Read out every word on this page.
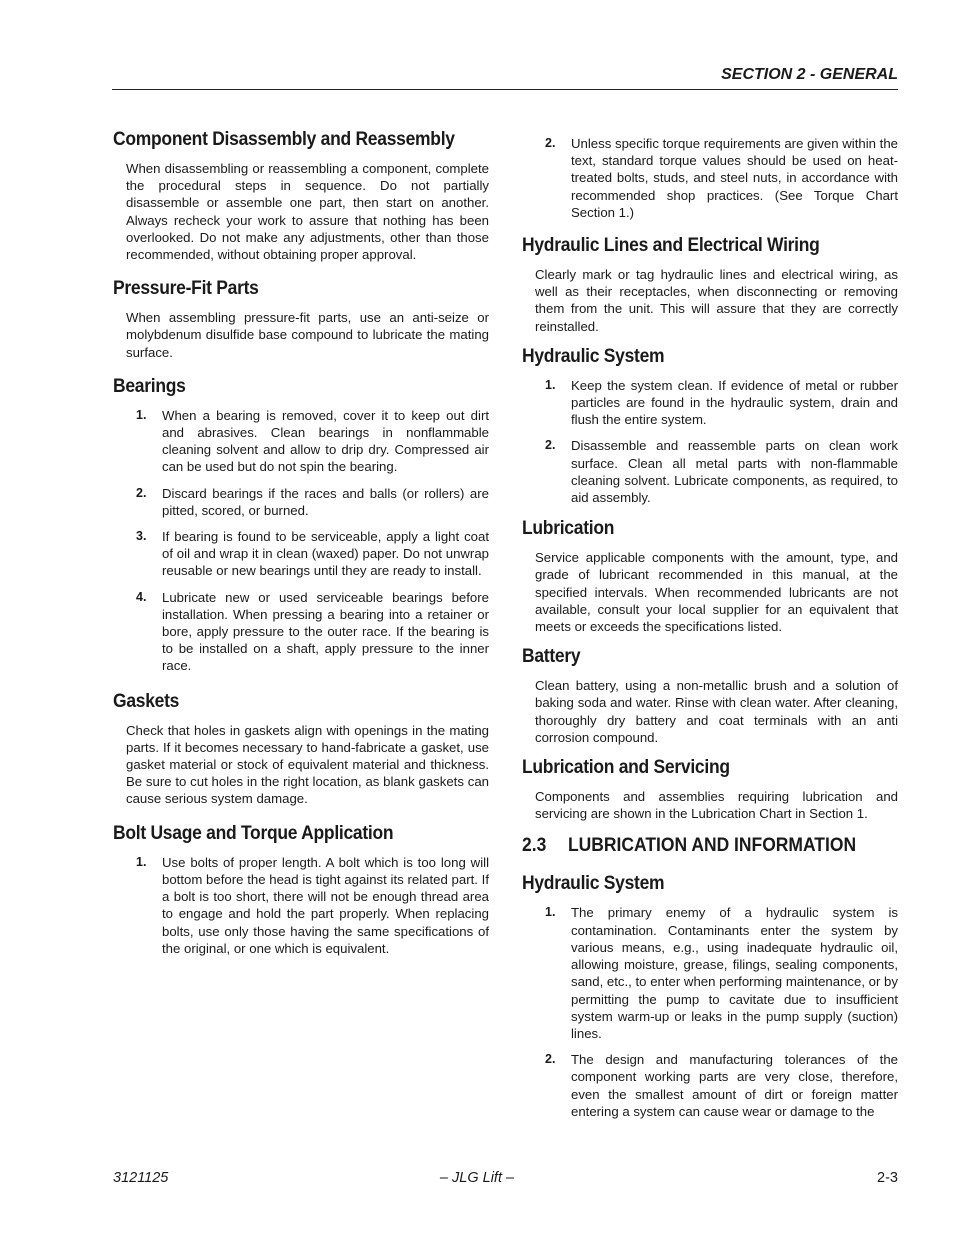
SECTION 2 - GENERAL
Component Disassembly and Reassembly

When disassembling or reassembling a component, complete the procedural steps in sequence. Do not partially disassemble or assemble one part, then start on another. Always recheck your work to assure that nothing has been overlooked. Do not make any adjustments, other than those recommended, without obtaining proper approval.

Pressure-Fit Parts

When assembling pressure-fit parts, use an anti-seize or molybdenum disulfide base compound to lubricate the mating surface.

Bearings
1. When a bearing is removed, cover it to keep out dirt and abrasives. Clean bearings in nonflammable cleaning solvent and allow to drip dry. Compressed air can be used but do not spin the bearing.
2. Discard bearings if the races and balls (or rollers) are pitted, scored, or burned.
3. If bearing is found to be serviceable, apply a light coat of oil and wrap it in clean (waxed) paper. Do not unwrap reusable or new bearings until they are ready to install.
4. Lubricate new or used serviceable bearings before installation. When pressing a bearing into a retainer or bore, apply pressure to the outer race. If the bearing is to be installed on a shaft, apply pressure to the inner race.
Gaskets

Check that holes in gaskets align with openings in the mating parts. If it becomes necessary to hand-fabricate a gasket, use gasket material or stock of equivalent material and thickness. Be sure to cut holes in the right location, as blank gaskets can cause serious system damage.

Bolt Usage and Torque Application
1. Use bolts of proper length. A bolt which is too long will bottom before the head is tight against its related part. If a bolt is too short, there will not be enough thread area to engage and hold the part properly. When replacing bolts, use only those having the same specifications of the original, or one which is equivalent.
2. Unless specific torque requirements are given within the text, standard torque values should be used on heat-treated bolts, studs, and steel nuts, in accordance with recommended shop practices. (See Torque Chart Section 1.)
Hydraulic Lines and Electrical Wiring

Clearly mark or tag hydraulic lines and electrical wiring, as well as their receptacles, when disconnecting or removing them from the unit. This will assure that they are correctly reinstalled.

Hydraulic System
1. Keep the system clean. If evidence of metal or rubber particles are found in the hydraulic system, drain and flush the entire system.
2. Disassemble and reassemble parts on clean work surface. Clean all metal parts with non-flammable cleaning solvent. Lubricate components, as required, to aid assembly.
Lubrication

Service applicable components with the amount, type, and grade of lubricant recommended in this manual, at the specified intervals. When recommended lubricants are not available, consult your local supplier for an equivalent that meets or exceeds the specifications listed.

Battery

Clean battery, using a non-metallic brush and a solution of baking soda and water. Rinse with clean water. After cleaning, thoroughly dry battery and coat terminals with an anti corrosion compound.

Lubrication and Servicing

Components and assemblies requiring lubrication and servicing are shown in the Lubrication Chart in Section 1.

2.3 LUBRICATION AND INFORMATION
Hydraulic System
1. The primary enemy of a hydraulic system is contamination. Contaminants enter the system by various means, e.g., using inadequate hydraulic oil, allowing moisture, grease, filings, sealing components, sand, etc., to enter when performing maintenance, or by permitting the pump to cavitate due to insufficient system warm-up or leaks in the pump supply (suction) lines.
2. The design and manufacturing tolerances of the component working parts are very close, therefore, even the smallest amount of dirt or foreign matter entering a system can cause wear or damage to the
3121125	– JLG Lift –	2-3
